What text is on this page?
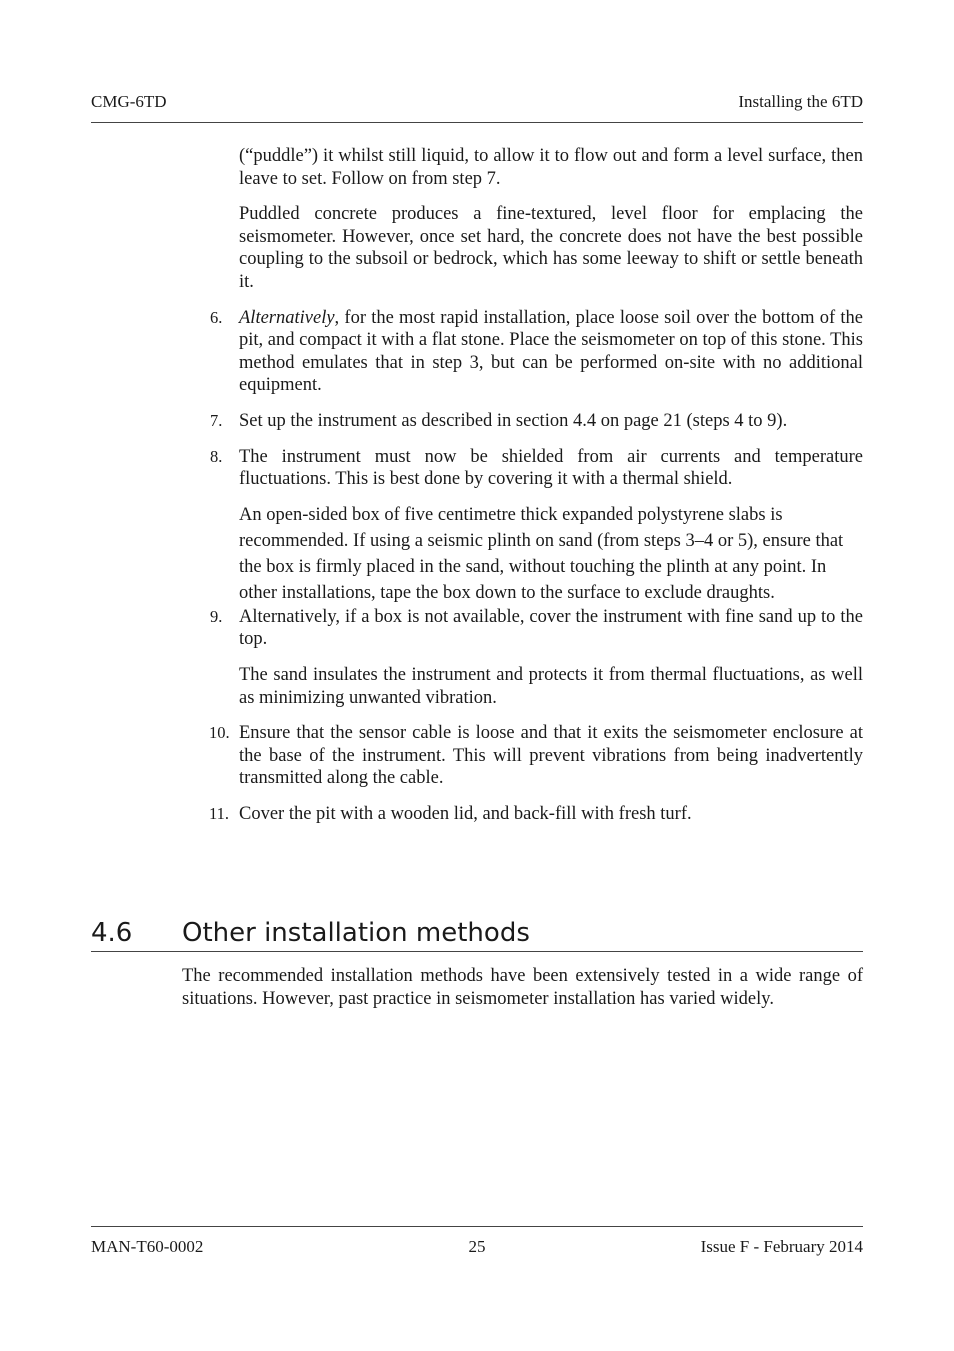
CMG-6TD	Installing the 6TD

(“puddle”) it whilst still liquid, to allow it to flow out and form a level surface, then leave to set. Follow on from step 7.

Puddled concrete produces a fine-textured, level floor for emplacing the seismometer. However, once set hard, the concrete does not have the best possible coupling to the subsoil or bedrock, which has some leeway to shift or settle beneath it.

6. Alternatively, for the most rapid installation, place loose soil over the bottom of the pit, and compact it with a flat stone. Place the seismometer on top of this stone. This method emulates that in step 3, but can be performed on-site with no additional equipment.
7. Set up the instrument as described in section 4.4 on page 21 (steps 4 to 9).
8. The instrument must now be shielded from air currents and temperature fluctuations. This is best done by covering it with a thermal shield.

An open-sided box of five centimetre thick expanded polystyrene slabs is recommended. If using a seismic plinth on sand (from steps 3–4 or 5), ensure that the box is firmly placed in the sand, without touching the plinth at any point. In other installations, tape the box down to the surface to exclude draughts.

9. Alternatively, if a box is not available, cover the instrument with fine sand up to the top.

The sand insulates the instrument and protects it from thermal fluctuations, as well as minimizing unwanted vibration.

10. Ensure that the sensor cable is loose and that it exits the seismometer enclosure at the base of the instrument. This will prevent vibrations from being inadvertently transmitted along the cable.
11. Cover the pit with a wooden lid, and back-fill with fresh turf.
4.6 Other installation methods

The recommended installation methods have been extensively tested in a wide range of situations. However, past practice in seismometer installation has varied widely.

MAN-T60-0002	25	Issue F - February 2014
